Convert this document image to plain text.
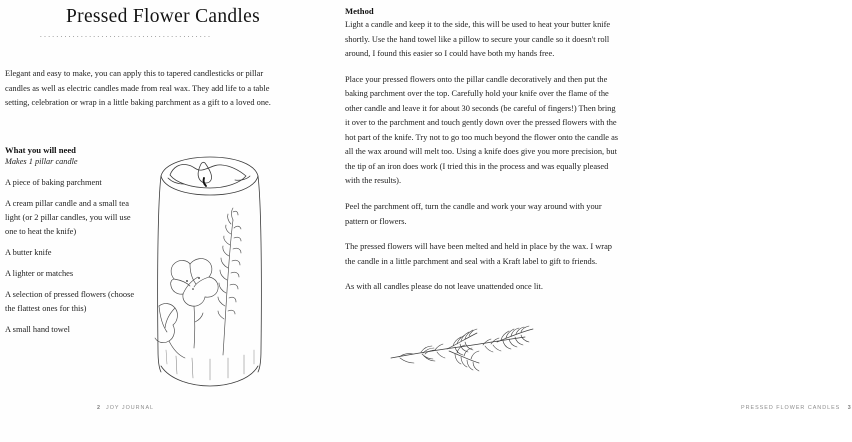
Pressed Flower Candles
..........................................

Elegant and easy to make, you can apply this to tapered candlesticks or pillar candles as well as electric candles made from real wax. They add life to a table setting, celebration or wrap in a little baking parchment as a gift to a loved one.

What you will need
Makes 1 pillar candle
A piece of baking parchment
A cream pillar candle and a small tea light (or 2 pillar candles, you will use one to heat the knife)
A butter knife
A lighter or matches
A selection of pressed flowers (choose the flattest ones for this)
A small hand towel
2 JOY JOURNAL
Method

Light a candle and keep it to the side, this will be used to heat your butter knife shortly. Use the hand towel like a pillow to secure your candle so it doesn't roll around, I found this easier so I could have both my hands free.

Place your pressed flowers onto the pillar candle decoratively and then put the baking parchment over the top. Carefully hold your knife over the flame of the other candle and leave it for about 30 seconds (be careful of fingers!) Then bring it over to the parchment and touch gently down over the pressed flowers with the hot part of the knife. Try not to go too much beyond the flower onto the candle as all the wax around will melt too. Using a knife does give you more precision, but the tip of an iron does work (I tried this in the process and was equally pleased with the results).

Peel the parchment off, turn the candle and work your way around with your pattern or flowers.

The pressed flowers will have been melted and held in place by the wax. I wrap the candle in a little parchment and seal with a Kraft label to gift to friends.

As with all candles please do not leave unattended once lit.

PRESSED FLOWER CANDLES 3
